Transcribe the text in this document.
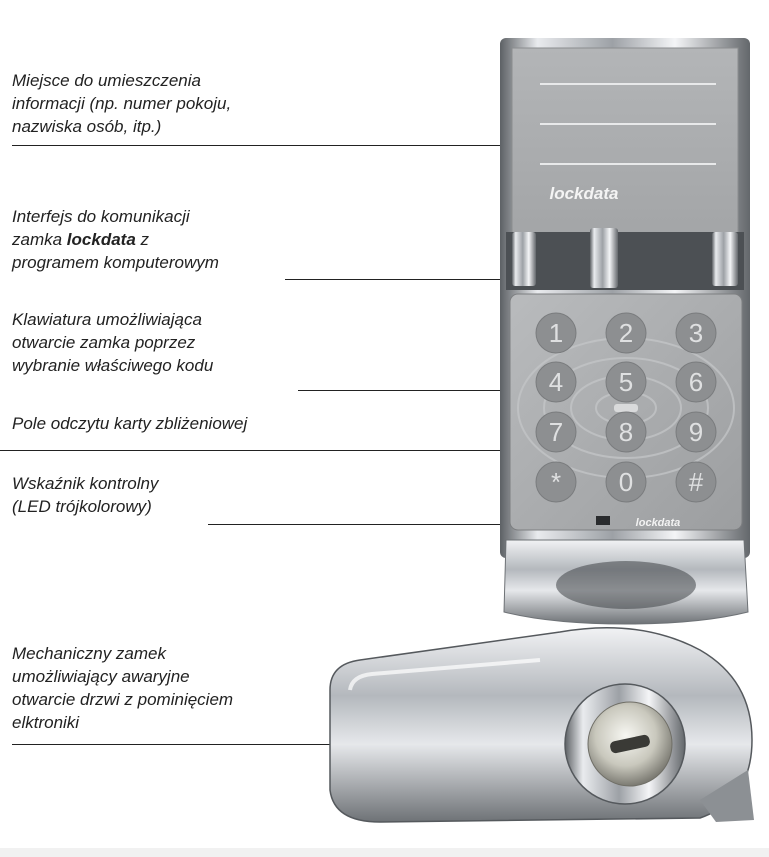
Miejsce do umieszczenia
informacji (np. numer pokoju,
nazwiska osób, itp.)
Interfejs do komunikacji
zamka lockdata z
programem komputerowym
Klawiatura umożliwiająca
otwarcie zamka poprzez
wybranie właściwego kodu
Pole odczytu karty zbliżeniowej
Wskaźnik kontrolny
(LED trójkolorowy)
Mechaniczny zamek
umożliwiający awaryjne
otwarcie drzwi z pominięciem
elktroniki
lockdata
1 2 3
4 5 6
7 8 9
* 0 #
lockdata
